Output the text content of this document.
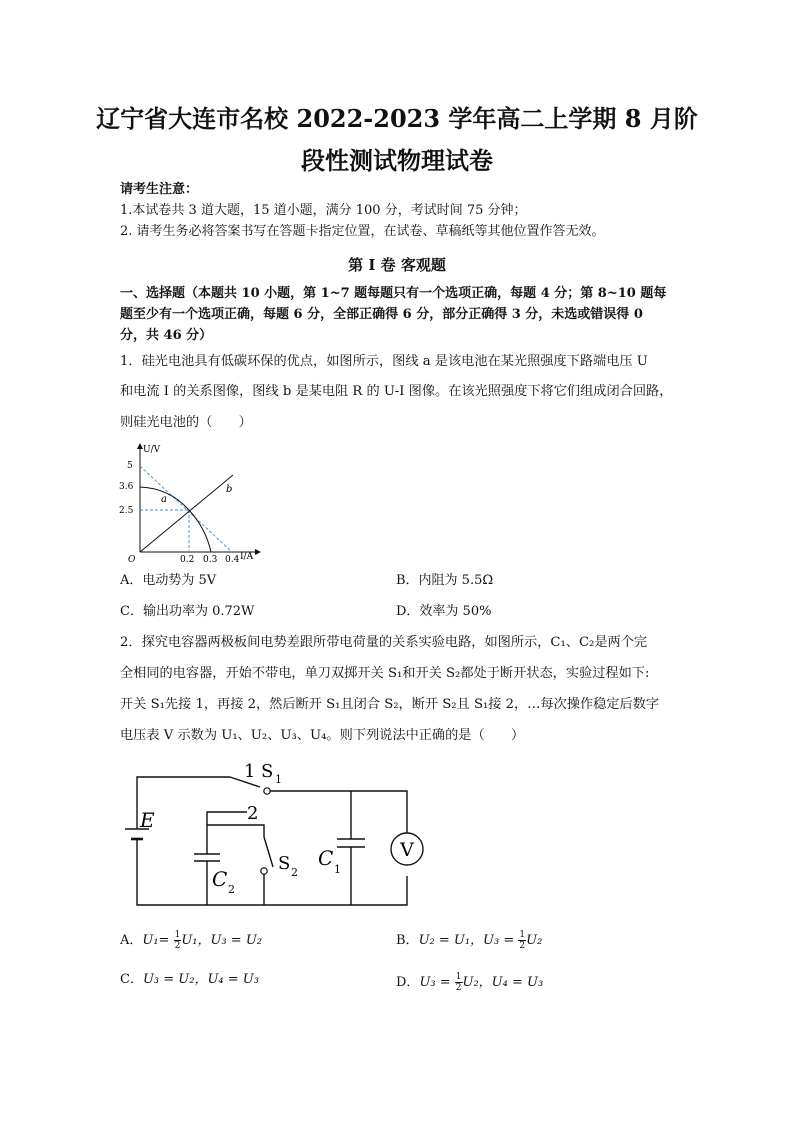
辽宁省大连市名校 2022-2023 学年高二上学期 8 月阶
段性测试物理试卷
请考生注意：
1.本试卷共 3 道大题，15 道小题，满分 100 分，考试时间 75 分钟；
2. 请考生务必将答案书写在答题卡指定位置，在试卷、草稿纸等其他位置作答无效。
第 I 卷 客观题
一、选择题（本题共 10 小题，第 1~7 题每题只有一个选项正确，每题 4 分；第 8~10 题每
题至少有一个选项正确，每题 6 分，全部正确得 6 分，部分正确得 3 分，未选或错误得 0
分，共 46 分）
1．硅光电池具有低碳环保的优点，如图所示，图线 a 是该电池在某光照强度下路端电压 U
和电流 I 的关系图像，图线 b 是某电阻 R 的 U-I 图像。在该光照强度下将它们组成闭合回路，
则硅光电池的（　　）
U/V
I/A
O
5
3.6
2.5
0.2 0.3 0.4
a
b
A．电动势为 5V	B．内阻为 5.5Ω
C．输出功率为 0.72W	D．效率为 50%
2．探究电容器两极板间电势差跟所带电荷量的关系实验电路，如图所示，C₁、C₂是两个完
全相同的电容器，开始不带电，单刀双掷开关 S₁和开关 S₂都处于断开状态，实验过程如下:
开关 S₁先接 1，再接 2，然后断开 S₁且闭合 S₂，断开 S₂且 S₁接 2，…每次操作稳定后数字
电压表 V 示数为 U₁、U₂、U₃、U₄。则下列说法中正确的是（　　）
V
E
1 S 1
2
S 2
C 1
C 2
A．$U_1= \frac{1}{2} U_1$，U₃ = U₂	B．U₂ = U₁，$U_3 = \frac{1}{2} U_2$
C．U₃ = U₂，U₄ = U₃	D．$U_3 = \frac{1}{2} U_2$，U₄ = U₃
